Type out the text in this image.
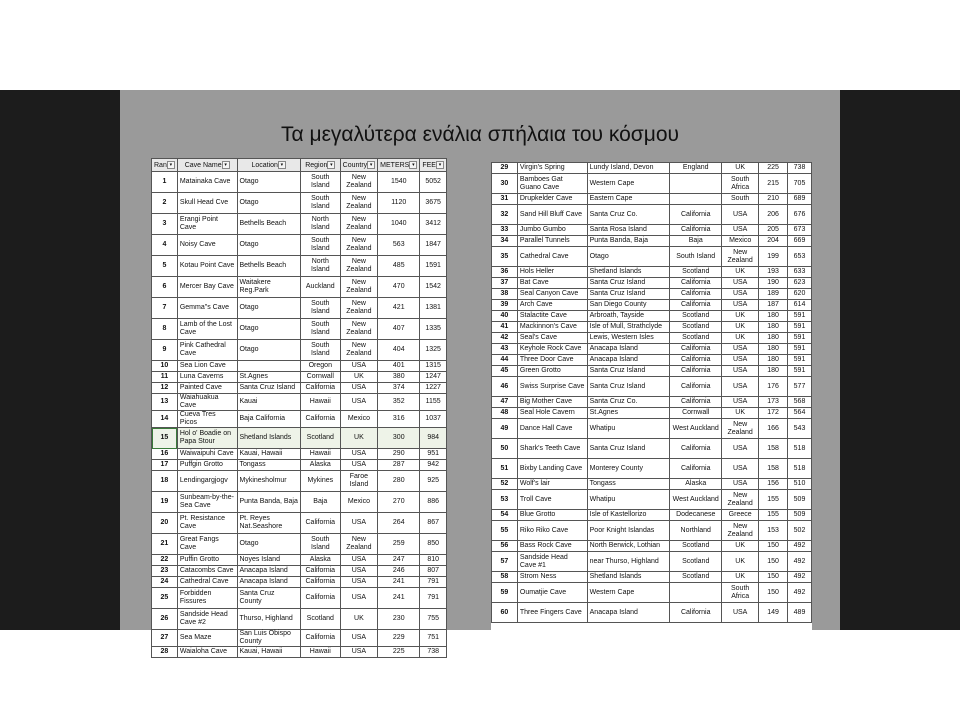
Τα μεγαλύτερα ενάλια σπήλαια του κόσμου
Ran ▾	Cave Name ▾	Location ▾	Region ▾	Country ▾	METERS ▾	FEE ▾
1	Matainaka Cave	Otago	South Island	New Zealand	1540	5052
2	Skull Head Cve	Otago	South Island	New Zealand	1120	3675
3	Erangi Point Cave	Bethells Beach	North Island	New Zealand	1040	3412
4	Noisy Cave	Otago	South Island	New Zealand	563	1847
5	Kotau Point Cave	Bethells Beach	North Island	New Zealand	485	1591
6	Mercer Bay Cave	Waitakere Reg.Park	Auckland	New Zealand	470	1542
7	Gemma"s Cave	Otago	South Island	New Zealand	421	1381
8	Lamb of the Lost Cave	Otago	South Island	New Zealand	407	1335
9	Pink Cathedral Cave	Otago	South Island	New Zealand	404	1325
10	Sea Lion Cave		Oregon	USA	401	1315
11	Luna Caverns	St.Agnes	Cornwall	UK	380	1247
12	Painted Cave	Santa Cruz Island	California	USA	374	1227
13	Waiahuakua Cave	Kauai	Hawaii	USA	352	1155
14	Cueva Tres Picos	Baja California	California	Mexico	316	1037
15	Hol o' Boadie on Papa Stour	Shetland Islands	Scotland	UK	300	984
16	Waiwaipuhi Cave	Kauai, Hawaii	Hawaii	USA	290	951
17	Puffgin Grotto	Tongass	Alaska	USA	287	942
18	Lendingargjogv	Mykinesholmur	Mykines	Faroe Island	280	925
19	Sunbeam-by-the-Sea Cave	Punta Banda, Baja	Baja	Mexico	270	886
20	Pt. Resistance Cave	Pt. Reyes Nat.Seashore	California	USA	264	867
21	Great Fangs Cave	Otago	South Island	New Zealand	259	850
22	Puffin Grotto	Noyes Island	Alaska	USA	247	810
23	Catacombs Cave	Anacapa Island	California	USA	246	807
24	Cathedral Cave	Anacapa Island	California	USA	241	791
25	Forbidden Fissures	Santa Cruz County	California	USA	241	791
26	Sandside Head Cave #2	Thurso, Highland	Scotland	UK	230	755
27	Sea Maze	San Luis Obispo County	California	USA	229	751
28	Waialoha Cave	Kauai, Hawaii	Hawaii	USA	225	738
29	Virgin's Spring	Lundy Island, Devon	England	UK	225	738
30	Bamboes Gat Guano Cave	Western Cape		South Africa	215	705
31	Drupkelder Cave	Eastern Cape		South	210	689
32	Sand Hill Bluff Cave	Santa Cruz Co.	California	USA	206	676
33	Jumbo Gumbo	Santa Rosa Island	California	USA	205	673
34	Parallel Tunnels	Punta Banda, Baja	Baja	Mexico	204	669
35	Cathedral Cave	Otago	South Island	New Zealand	199	653
36	Hols Heller	Shetland Islands	Scotland	UK	193	633
37	Bat Cave	Santa Cruz Island	California	USA	190	623
38	Seal Canyon Cave	Santa Cruz Island	California	USA	189	620
39	Arch Cave	San Diego County	California	USA	187	614
40	Stalactite Cave	Arbroath, Tayside	Scotland	UK	180	591
41	Mackinnon's Cave	Isle of Mull, Strathclyde	Scotland	UK	180	591
42	Seal's Cave	Lewis, Western Isles	Scotland	UK	180	591
43	Keyhole Rock Cave	Anacapa Island	California	USA	180	591
44	Three Door Cave	Anacapa Island	California	USA	180	591
45	Green Grotto	Santa Cruz Island	California	USA	180	591
46	Swiss Surprise Cave	Santa Cruz Island	California	USA	176	577
47	Big Mother Cave	Santa Cruz Co.	California	USA	173	568
48	Seal Hole Cavern	St.Agnes	Cornwall	UK	172	564
49	Dance Hall Cave	Whatipu	West Auckland	New Zealand	166	543
50	Shark's Teeth Cave	Santa Cruz Island	California	USA	158	518
51	Bixby Landing Cave	Monterey County	California	USA	158	518
52	Wolf's lair	Tongass	Alaska	USA	156	510
53	Troll Cave	Whatipu	West Auckland	New Zealand	155	509
54	Blue Grotto	Isle of Kastellorizo	Dodecanese	Greece	155	509
55	Riko Riko Cave	Poor Knight Islandas	Northland	New Zealand	153	502
56	Bass Rock Cave	North Berwick, Lothian	Scotland	UK	150	492
57	Sandside Head Cave #1	near Thurso, Highland	Scotland	UK	150	492
58	Strom Ness	Shetland Islands	Scotland	UK	150	492
59	Oumatjie Cave	Western Cape		South Africa	150	492
60	Three Fingers Cave	Anacapa Island	California	USA	149	489
